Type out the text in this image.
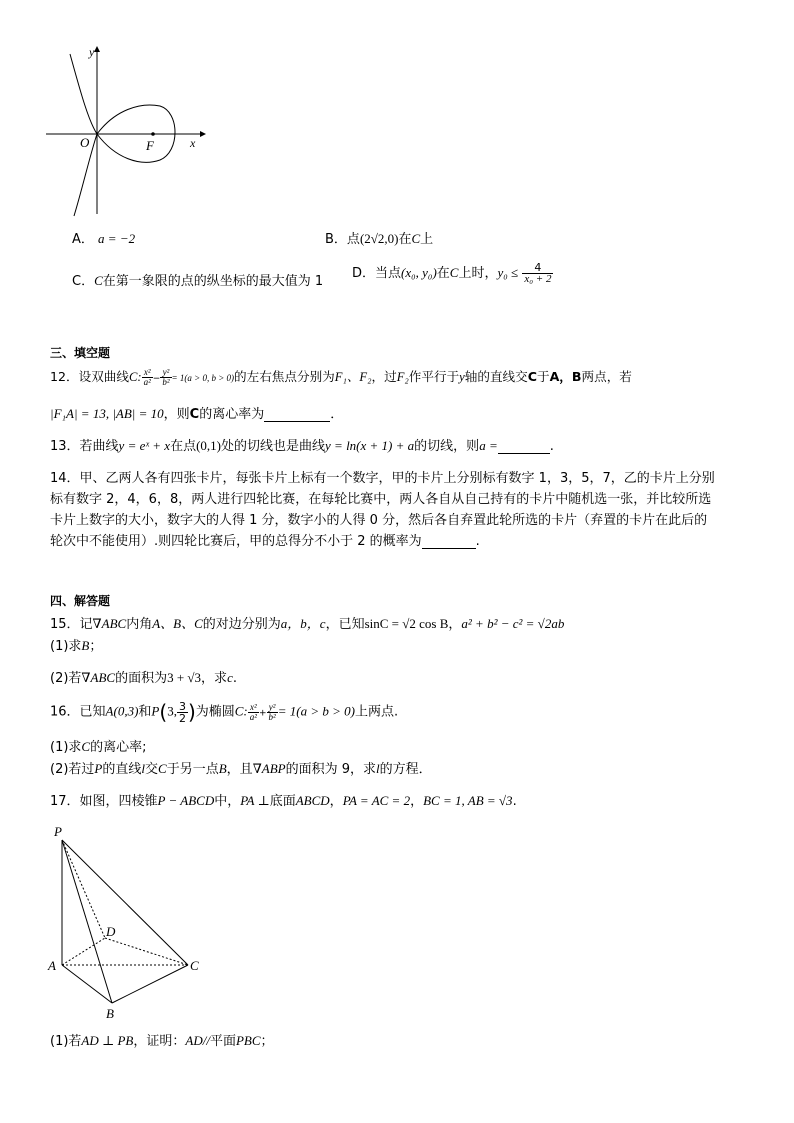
y
x
O	F
A． a = −2	B．点(2√2,0)在C上
C．C在第一象限的点的纵坐标的最大值为 1
D．当点(x₀, y₀)在C上时，$y_0 \le \frac{4}{\text{x₀ + 2}}$
三、填空题
12．设双曲线C: $\frac{\text{x²}}{\text{a²}} - \frac{\text{y²}}{\text{b²}} = 1(a > 0$, b > 0)的左右焦点分别为F₁、F₂，过F₂作平行于y轴的直线交C于A，B两点，若
|F₁A| = 13, |AB| = 10，则C的离心率为	．
13．若曲线y = eˣ + x在点(0,1)处的切线也是曲线y = ln(x + 1) + a的切线，则a =	.
14．甲、乙两人各有四张卡片，每张卡片上标有一个数字，甲的卡片上分别标有数字 1，3，5，7，乙的卡片上分别
标有数字 2，4，6，8，两人进行四轮比赛，在每轮比赛中，两人各自从自己持有的卡片中随机选一张，并比较所选
卡片上数字的大小，数字大的人得 1 分，数字小的人得 0 分，然后各自弃置此轮所选的卡片（弃置的卡片在此后的
轮次中不能使用）.则四轮比赛后，甲的总得分不小于 2 的概率为	.
四、解答题
15．记∇ABC内角A、B、C的对边分别为a，b，c，已知sinC = √2 cos B，a² + b² − c² = √2ab
(1)求B；
(2)若∇ABC的面积为3 + √3，求c.
16．已知A(0,3)和P(3, $\frac{3}{2}$ )为椭圆C: $\frac{\text{x²}}{\text{a²}} + \frac{\text{y²}}{\text{b²}} = 1(a > b > 0)$上两点.
(1)求C的离心率;
(2)若过P的直线l交C于另一点B，且∇ABP的面积为 9，求l的方程．
17．如图，四棱锥P − ABCD中，PA ⊥底面ABCD，PA = AC = 2，BC = 1, AB = √3.
P
D
A	C
B
(1)若AD ⊥ PB，证明：AD//平面PBC；
